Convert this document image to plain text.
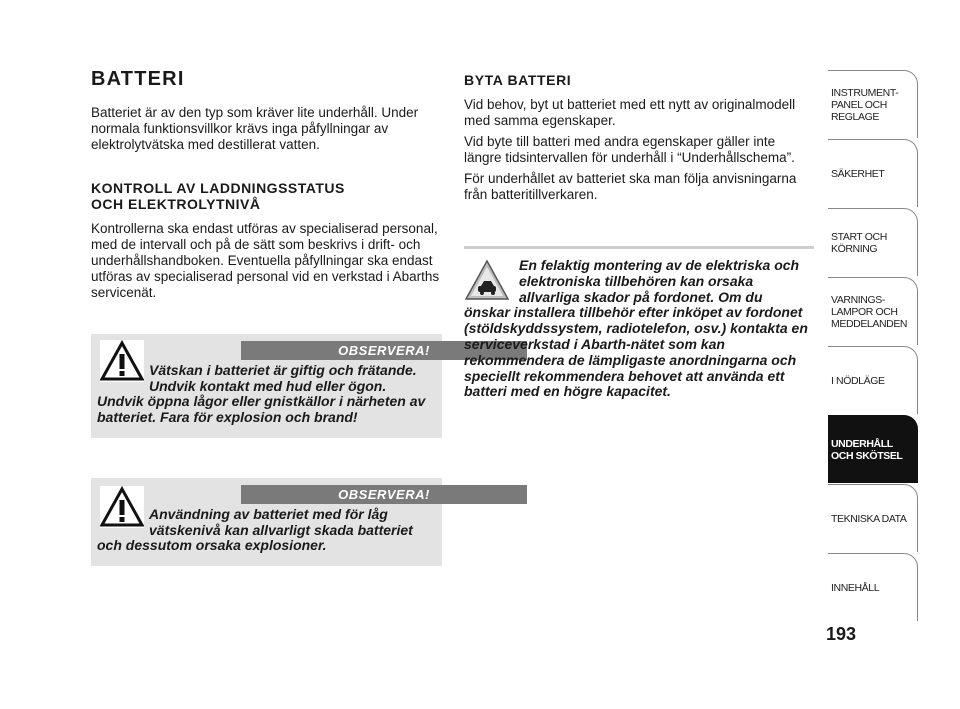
BATTERI
Batteriet är av den typ som kräver lite underhåll. Under normala funktionsvillkor krävs inga påfyllningar av elektrolytvätska med destillerat vatten.
KONTROLL AV LADDNINGSSTATUS
OCH ELEKTROLYTNIVÅ
Kontrollerna ska endast utföras av specialiserad personal, med de intervall och på de sätt som beskrivs i drift- och underhållshandboken. Eventuella påfyllningar ska endast utföras av specialiserad personal vid en verkstad i Abarths servicenät.
OBSERVERA!
Vätskan i batteriet är giftig och frätande.
Undvik kontakt med hud eller ögon.
Undvik öppna lågor eller gnistkällor i närheten av batteriet. Fara för explosion och brand!
OBSERVERA!
Användning av batteriet med för låg
vätskenivå kan allvarligt skada batteriet
och dessutom orsaka explosioner.
BYTA BATTERI

Vid behov, byt ut batteriet med ett nytt av originalmodell med samma egenskaper.

Vid byte till batteri med andra egenskaper gäller inte längre tidsintervallen för underhåll i “Underhållschema”.

För underhållet av batteriet ska man följa anvisningarna från batteritillverkaren.

En felaktig montering av de elektriska och
elektroniska tillbehören kan orsaka
allvarliga skador på fordonet. Om du
önskar installera tillbehör efter inköpet av fordonet (stöldskyddssystem, radiotelefon, osv.) kontakta en serviceverkstad i Abarth-nätet som kan rekommendera de lämpligaste anordningarna och speciellt rekommendera behovet att använda ett batteri med en högre kapacitet.
INSTRUMENT-
PANEL OCH
REGLAGE
SÄKERHET
START OCH
KÖRNING
VARNINGS-
LAMPOR OCH
MEDDELANDEN
I NÖDLÄGE
UNDERHÅLL
OCH SKÖTSEL
TEKNISKA DATA
INNEHÅLL
193
